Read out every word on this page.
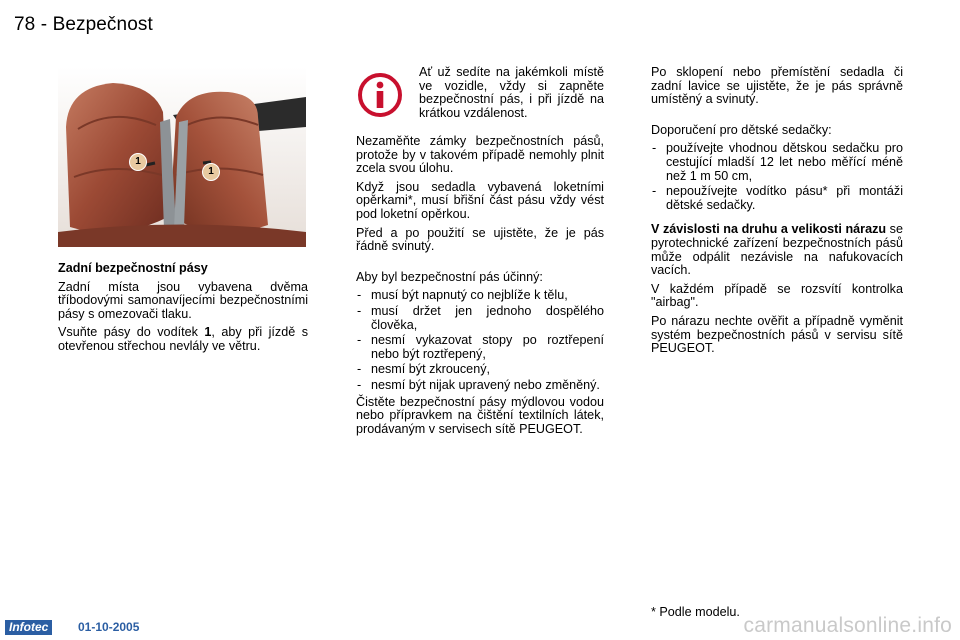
78 - Bezpečnost
1
1

Zadní bezpečnostní pásy

Zadní místa jsou vybavena dvěma tříbodovými samonavíjecími bezpečnostními pásy s omezovači tlaku.

Vsuňte pásy do vodítek 1, aby při jízdě s otevřenou střechou nevlály ve větru.

Ať už sedíte na jakémkoli místě ve vozidle, vždy si zapněte bezpečnostní pás, i při jízdě na krátkou vzdálenost.

Nezaměňte zámky bezpečnostních pásů, protože by v takovém případě nemohly plnit zcela svou úlohu.

Když jsou sedadla vybavená loketními opěrkami*, musí břišní část pásu vždy vést pod loketní opěrkou.

Před a po použití se ujistěte, že je pás řádně svinutý.

Aby byl bezpečnostní pás účinný:

- musí být napnutý co nejblíže k tělu,
- musí držet jen jednoho dospělého člověka,
- nesmí vykazovat stopy po roztřepení nebo být roztřepený,
- nesmí být zkroucený,
- nesmí být nijak upravený nebo změněný.

Čistěte bezpečnostní pásy mýdlovou vodou nebo přípravkem na čištění textilních látek, prodávaným v servisech sítě PEUGEOT.

Po sklopení nebo přemístění sedadla či zadní lavice se ujistěte, že je pás správně umístěný a svinutý.

Doporučení pro dětské sedačky:

- používejte vhodnou dětskou sedačku pro cestující mladší 12 let nebo měřící méně než 1 m 50 cm,
- nepoužívejte vodítko pásu* při montáži dětské sedačky.

V závislosti na druhu a velikosti nárazu se pyrotechnické zařízení bezpečnostních pásů může odpálit nezávisle na nafukovacích vacích.

V každém případě se rozsvítí kontrolka "airbag".

Po nárazu nechte ověřit a případně vyměnit systém bezpečnostních pásů v servisu sítě PEUGEOT.

* Podle modelu.
Infotec	01-10-2005	carmanualsonline.info
